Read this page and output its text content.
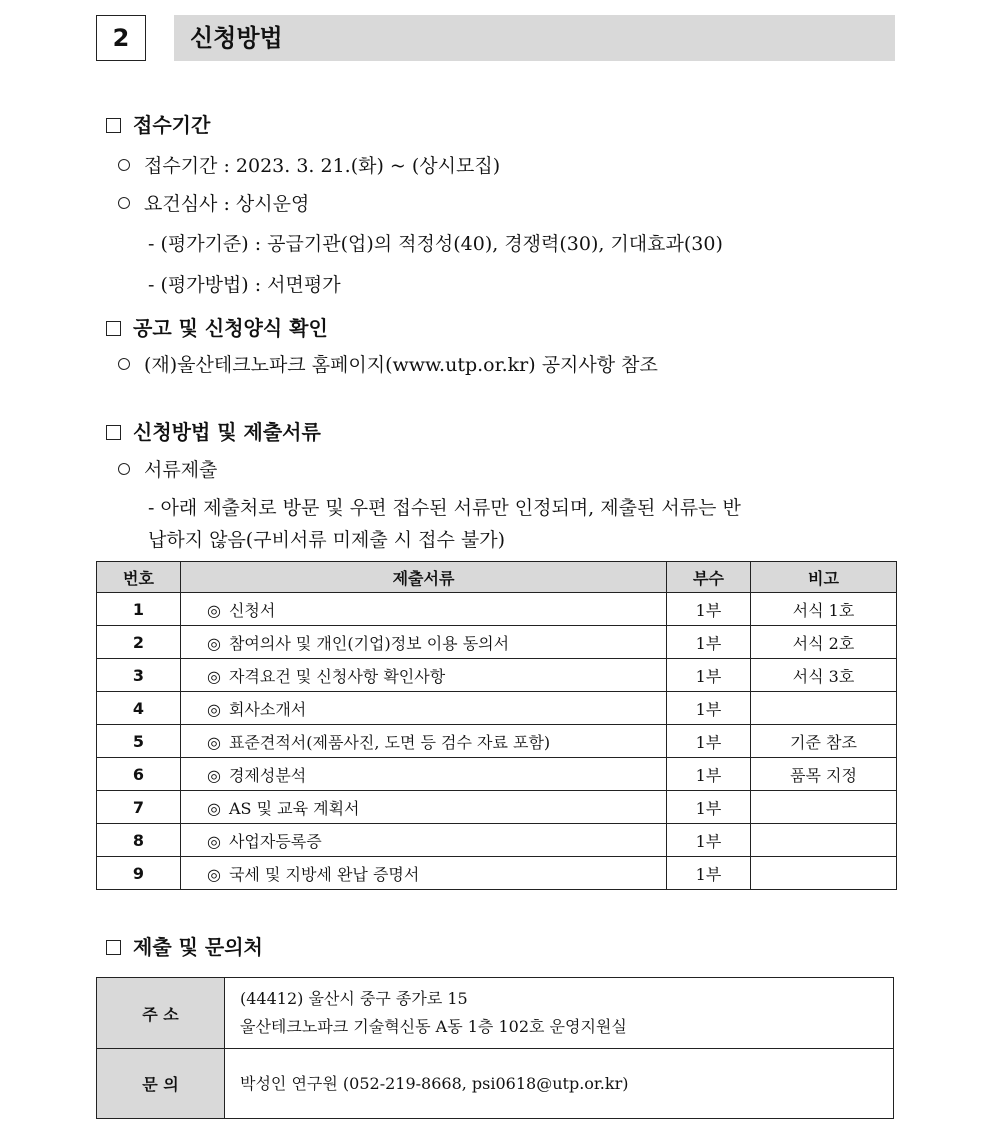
2	신청방법
접수기간
접수기간 : 2023. 3. 21.(화) ~ (상시모집)
요건심사 : 상시운영
- (평가기준) : 공급기관(업)의 적정성(40), 경쟁력(30), 기대효과(30)
- (평가방법) : 서면평가
공고 및 신청양식 확인
(재)울산테크노파크 홈페이지(www.utp.or.kr) 공지사항 참조
신청방법 및 제출서류
서류제출
- 아래 제출처로 방문 및 우편 접수된 서류만 인정되며, 제출된 서류는 반
납하지 않음(구비서류 미제출 시 접수 불가)
번호	제출서류	부수	비고
1	◎ 신청서	1부	서식 1호
2	◎ 참여의사 및 개인(기업)정보 이용 동의서	1부	서식 2호
3	◎ 자격요건 및 신청사항 확인사항	1부	서식 3호
4	◎ 회사소개서	1부	
5	◎ 표준견적서(제품사진, 도면 등 검수 자료 포함)	1부	기준 참조
6	◎ 경제성분석	1부	품목 지정
7	◎ AS 및 교육 계획서	1부	
8	◎ 사업자등록증	1부	
9	◎ 국세 및 지방세 완납 증명서	1부	
제출 및 문의처
주 소	(44412) 울산시 중구 종가로 15
울산테크노파크 기술혁신동 A동 1층 102호 운영지원실

문 의	박성인 연구원 (052-219-8668, psi0618@utp.or.kr)
